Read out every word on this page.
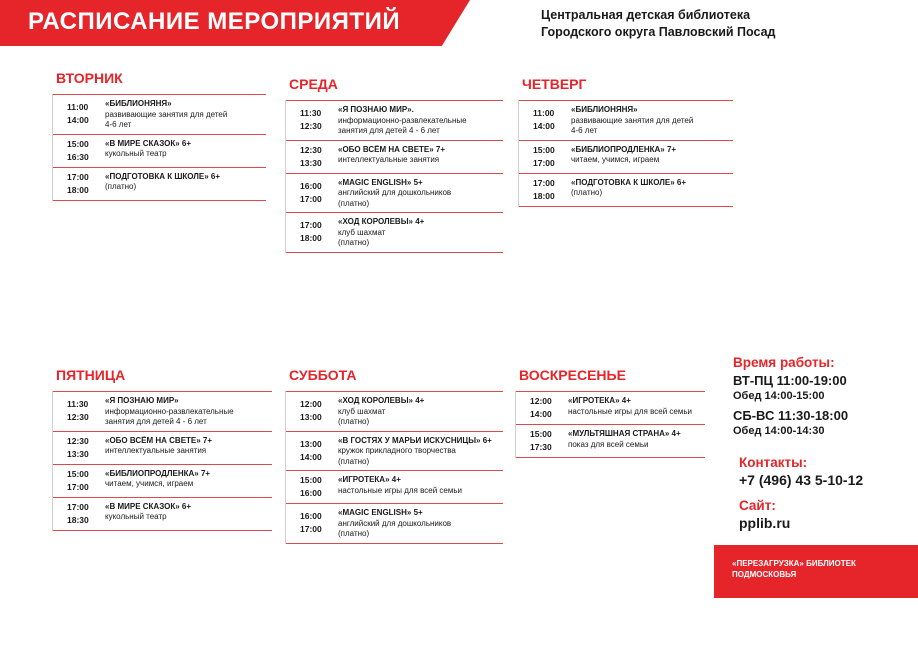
РАСПИСАНИЕ МЕРОПРИЯТИЙ	Центральная детская библиотека
Городского округа Павловский Посад
ВТОРНИК
11:00
14:00
«БИБЛИОНЯНЯ»
развивающие занятия для детей
4-6 лет
15:00
16:30
«В МИРЕ СКАЗОК» 6+
кукольный театр
17:00
18:00
«ПОДГОТОВКА К ШКОЛЕ» 6+
(платно)
СРЕДА
11:30
12:30
«Я ПОЗНАЮ МИР».
информационно-развлекательные
занятия для детей 4 - 6 лет
12:30
13:30
«ОБО ВСЁМ НА СВЕТЕ» 7+
интеллектуальные занятия
16:00
17:00
«MAGIC ENGLISH» 5+
английский для дошкольников
(платно)
17:00
18:00
«ХОД КОРОЛЕВЫ» 4+
клуб шахмат
(платно)
ЧЕТВЕРГ
11:00
14:00
«БИБЛИОНЯНЯ»
развивающие занятия для детей
4-6 лет
15:00
17:00
«БИБЛИОПРОДЛЕНКА» 7+
читаем, учимся, играем
17:00
18:00
«ПОДГОТОВКА К ШКОЛЕ» 6+
(платно)
ПЯТНИЦА
11:30
12:30
«Я ПОЗНАЮ МИР»
информационно-развлекательные
занятия для детей 4 - 6 лет
12:30
13:30
«ОБО ВСЁМ НА СВЕТЕ» 7+
интеллектуальные занятия
15:00
17:00
«БИБЛИОПРОДЛЕНКА» 7+
читаем, учимся, играем
17:00
18:30
«В МИРЕ СКАЗОК» 6+
кукольный театр
СУББОТА
12:00
13:00
«ХОД КОРОЛЕВЫ» 4+
клуб шахмат
(платно)
13:00
14:00
«В ГОСТЯХ У МАРЬИ ИСКУСНИЦЫ» 6+
кружок прикладного творчества
(платно)
15:00
16:00
«ИГРОТЕКА» 4+
настольные игры для всей семьи
16:00
17:00
«MAGIC ENGLISH» 5+
английский для дошкольников
(платно)
ВОСКРЕСЕНЬЕ
12:00
14:00
«ИГРОТЕКА» 4+
настольные игры для всей семьи
15:00
17:30
«МУЛЬТЯШНАЯ СТРАНА» 4+
показ для всей семьи
Время работы:
ВТ-ПЦ 11:00-19:00
Обед 14:00-15:00
СБ-ВС 11:30-18:00
Обед 14:00-14:30
Контакты:
+7 (496) 43 5-10-12
Сайт:
pplib.ru
«ПЕРЕЗАГРУЗКА» БИБЛИОТЕК
ПОДМОСКОВЬЯ
